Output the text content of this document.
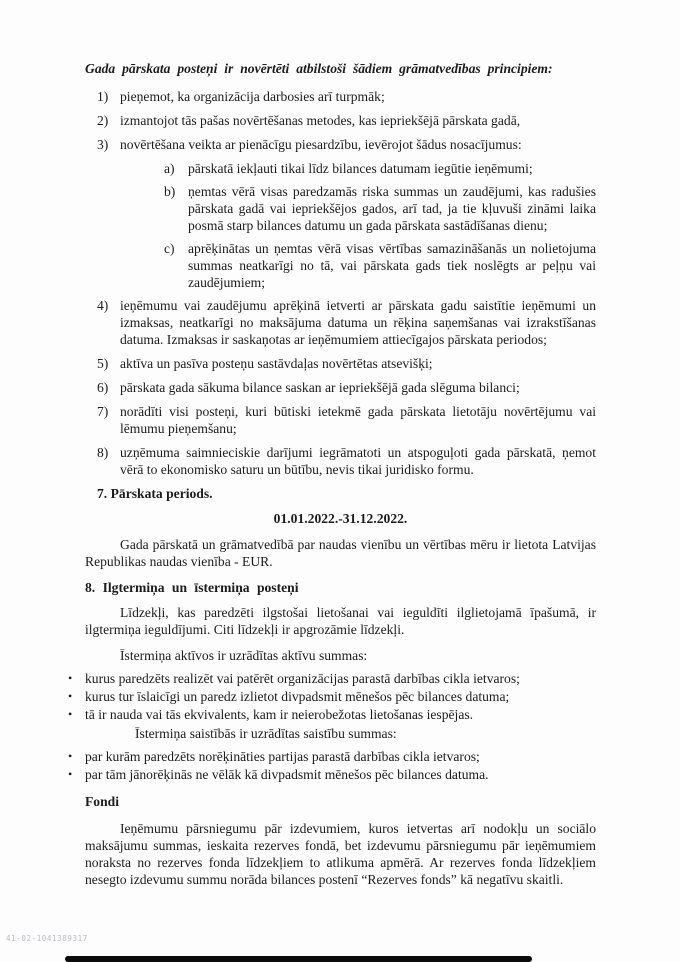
Gada pārskata posteņi ir novērtēti atbilstoši šādiem grāmatvedības principiem:

1) pieņemot, ka organizācija darbosies arī turpmāk;
2) izmantojot tās pašas novērtēšanas metodes, kas iepriekšējā pārskata gadā,
3) novērtēšana veikta ar pienācīgu piesardzību, ievērojot šādus nosacījumus:
a) pārskatā iekļauti tikai līdz bilances datumam iegūtie ieņēmumi;
b) ņemtas vērā visas paredzamās riska summas un zaudējumi, kas radušies pārskata gadā vai iepriekšējos gados, arī tad, ja tie kļuvuši zināmi laika posmā starp bilances datumu un gada pārskata sastādīšanas dienu;
c) aprēķinātas un ņemtas vērā visas vērtības samazināšanās un nolietojuma summas neatkarīgi no tā, vai pārskata gads tiek noslēgts ar peļņu vai zaudējumiem;
4) ieņēmumu vai zaudējumu aprēķinā ietverti ar pārskata gadu saistītie ieņēmumi un izmaksas, neatkarīgi no maksājuma datuma un rēķina saņemšanas vai izrakstīšanas datuma. Izmaksas ir saskaņotas ar ieņēmumiem attiecīgajos pārskata periodos;
5) aktīva un pasīva posteņu sastāvdaļas novērtētas atsevišķi;
6) pārskata gada sākuma bilance saskan ar iepriekšējā gada slēguma bilanci;
7) norādīti visi posteņi, kuri būtiski ietekmē gada pārskata lietotāju novērtējumu vai lēmumu pieņemšanu;
8) uzņēmuma saimnieciskie darījumi iegrāmatoti un atspoguļoti gada pārskatā, ņemot vērā to ekonomisko saturu un būtību, nevis tikai juridisko formu.

7. Pārskata periods.

01.01.2022.-31.12.2022.

Gada pārskatā un grāmatvedībā par naudas vienību un vērtības mēru ir lietota Latvijas Republikas naudas vienība - EUR.

8. Ilgtermiņa un īstermiņa posteņi

Līdzekļi, kas paredzēti ilgstošai lietošanai vai ieguldīti ilglietojamā īpašumā, ir ilgtermiņa ieguldījumi. Citi līdzekļi ir apgrozāmie līdzekļi.

Īstermiņa aktīvos ir uzrādītas aktīvu summas:

• kurus paredzēts realizēt vai patērēt organizācijas parastā darbības cikla ietvaros;
• kurus tur īslaicīgi un paredz izlietot divpadsmit mēnešos pēc bilances datuma;
• tā ir nauda vai tās ekvivalents, kam ir neierobežotas lietošanas iespējas.

Īstermiņa saistībās ir uzrādītas saistību summas:

• par kurām paredzēts norēķināties partijas parastā darbības cikla ietvaros;
• par tām jānorēķinās ne vēlāk kā divpadsmit mēnešos pēc bilances datuma.

Fondi

Ieņēmumu pārsniegumu pār izdevumiem, kuros ietvertas arī nodokļu un sociālo maksājumu summas, ieskaita rezerves fondā, bet izdevumu pārsniegumu pār ieņēmumiem noraksta no rezerves fonda līdzekļiem to atlikuma apmērā. Ar rezerves fonda līdzekļiem nesegto izdevumu summu norāda bilances postenī “Rezerves fonds” kā negatīvu skaitli.

41-02-1041389317
